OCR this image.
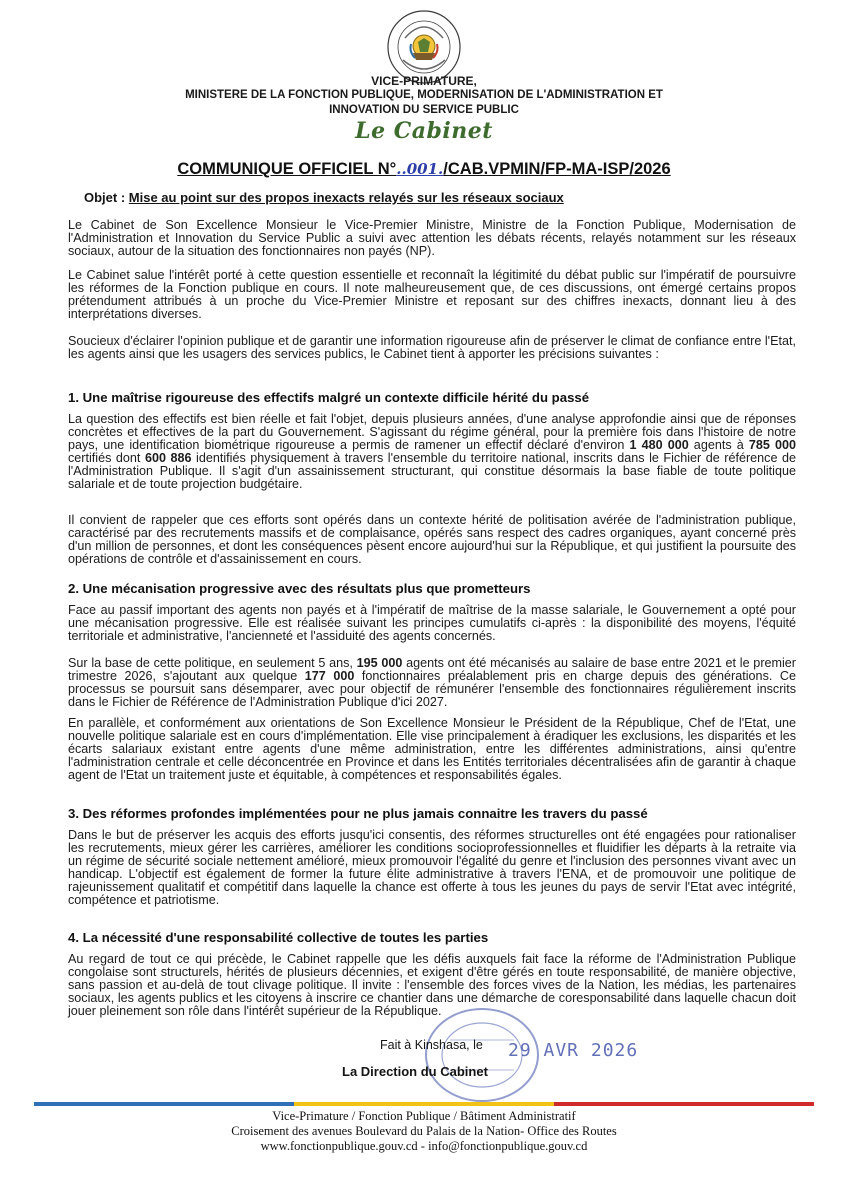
VICE-PRIMATURE,
MINISTERE DE LA FONCTION PUBLIQUE, MODERNISATION DE L'ADMINISTRATION ET
INNOVATION DU SERVICE PUBLIC
Le Cabinet
COMMUNIQUE OFFICIEL N°..001./CAB.VPMIN/FP-MA-ISP/2026
Objet : Mise au point sur des propos inexacts relayés sur les réseaux sociaux

Le Cabinet de Son Excellence Monsieur le Vice-Premier Ministre, Ministre de la Fonction Publique, Modernisation de l'Administration et Innovation du Service Public a suivi avec attention les débats récents, relayés notamment sur les réseaux sociaux, autour de la situation des fonctionnaires non payés (NP).

Le Cabinet salue l'intérêt porté à cette question essentielle et reconnaît la légitimité du débat public sur l'impératif de poursuivre les réformes de la Fonction publique en cours. Il note malheureusement que, de ces discussions, ont émergé certains propos prétendument attribués à un proche du Vice-Premier Ministre et reposant sur des chiffres inexacts, donnant lieu à des interprétations diverses.

Soucieux d'éclairer l'opinion publique et de garantir une information rigoureuse afin de préserver le climat de confiance entre l'Etat, les agents ainsi que les usagers des services publics, le Cabinet tient à apporter les précisions suivantes :

1. Une maîtrise rigoureuse des effectifs malgré un contexte difficile hérité du passé

La question des effectifs est bien réelle et fait l'objet, depuis plusieurs années, d'une analyse approfondie ainsi que de réponses concrètes et effectives de la part du Gouvernement. S'agissant du régime général, pour la première fois dans l'histoire de notre pays, une identification biométrique rigoureuse a permis de ramener un effectif déclaré d'environ 1 480 000 agents à 785 000 certifiés dont 600 886 identifiés physiquement à travers l'ensemble du territoire national, inscrits dans le Fichier de référence de l'Administration Publique. Il s'agit d'un assainissement structurant, qui constitue désormais la base fiable de toute politique salariale et de toute projection budgétaire.

Il convient de rappeler que ces efforts sont opérés dans un contexte hérité de politisation avérée de l'administration publique, caractérisé par des recrutements massifs et de complaisance, opérés sans respect des cadres organiques, ayant concerné près d'un million de personnes, et dont les conséquences pèsent encore aujourd'hui sur la République, et qui justifient la poursuite des opérations de contrôle et d'assainissement en cours.

2. Une mécanisation progressive avec des résultats plus que prometteurs

Face au passif important des agents non payés et à l'impératif de maîtrise de la masse salariale, le Gouvernement a opté pour une mécanisation progressive. Elle est réalisée suivant les principes cumulatifs ci-après : la disponibilité des moyens, l'équité territoriale et administrative, l'ancienneté et l'assiduité des agents concernés.

Sur la base de cette politique, en seulement 5 ans, 195 000 agents ont été mécanisés au salaire de base entre 2021 et le premier trimestre 2026, s'ajoutant aux quelque 177 000 fonctionnaires préalablement pris en charge depuis des générations. Ce processus se poursuit sans désemparer, avec pour objectif de rémunérer l'ensemble des fonctionnaires régulièrement inscrits dans le Fichier de Référence de l'Administration Publique d'ici 2027.

En parallèle, et conformément aux orientations de Son Excellence Monsieur le Président de la République, Chef de l'Etat, une nouvelle politique salariale est en cours d'implémentation. Elle vise principalement à éradiquer les exclusions, les disparités et les écarts salariaux existant entre agents d'une même administration, entre les différentes administrations, ainsi qu'entre l'administration centrale et celle déconcentrée en Province et dans les Entités territoriales décentralisées afin de garantir à chaque agent de l'Etat un traitement juste et équitable, à compétences et responsabilités égales.

3. Des réformes profondes implémentées pour ne plus jamais connaitre les travers du passé

Dans le but de préserver les acquis des efforts jusqu'ici consentis, des réformes structurelles ont été engagées pour rationaliser les recrutements, mieux gérer les carrières, améliorer les conditions socioprofessionnelles et fluidifier les départs à la retraite via un régime de sécurité sociale nettement amélioré, mieux promouvoir l'égalité du genre et l'inclusion des personnes vivant avec un handicap. L'objectif est également de former la future élite administrative à travers l'ENA, et de promouvoir une politique de rajeunissement qualitatif et compétitif dans laquelle la chance est offerte à tous les jeunes du pays de servir l'Etat avec intégrité, compétence et patriotisme.

4. La nécessité d'une responsabilité collective de toutes les parties

Au regard de tout ce qui précède, le Cabinet rappelle que les défis auxquels fait face la réforme de l'Administration Publique congolaise sont structurels, hérités de plusieurs décennies, et exigent d'être gérés en toute responsabilité, de manière objective, sans passion et au-delà de tout clivage politique. Il invite : l'ensemble des forces vives de la Nation, les médias, les partenaires sociaux, les agents publics et les citoyens à inscrire ce chantier dans une démarche de coresponsabilité dans laquelle chacun doit jouer pleinement son rôle dans l'intérêt supérieur de la République.

29 AVR 2026
Fait à Kinshasa, le
La Direction du Cabinet
Vice-Primature / Fonction Publique / Bâtiment Administratif
Croisement des avenues Boulevard du Palais de la Nation- Office des Routes
www.fonctionpublique.gouv.cd - info@fonctionpublique.gouv.cd
